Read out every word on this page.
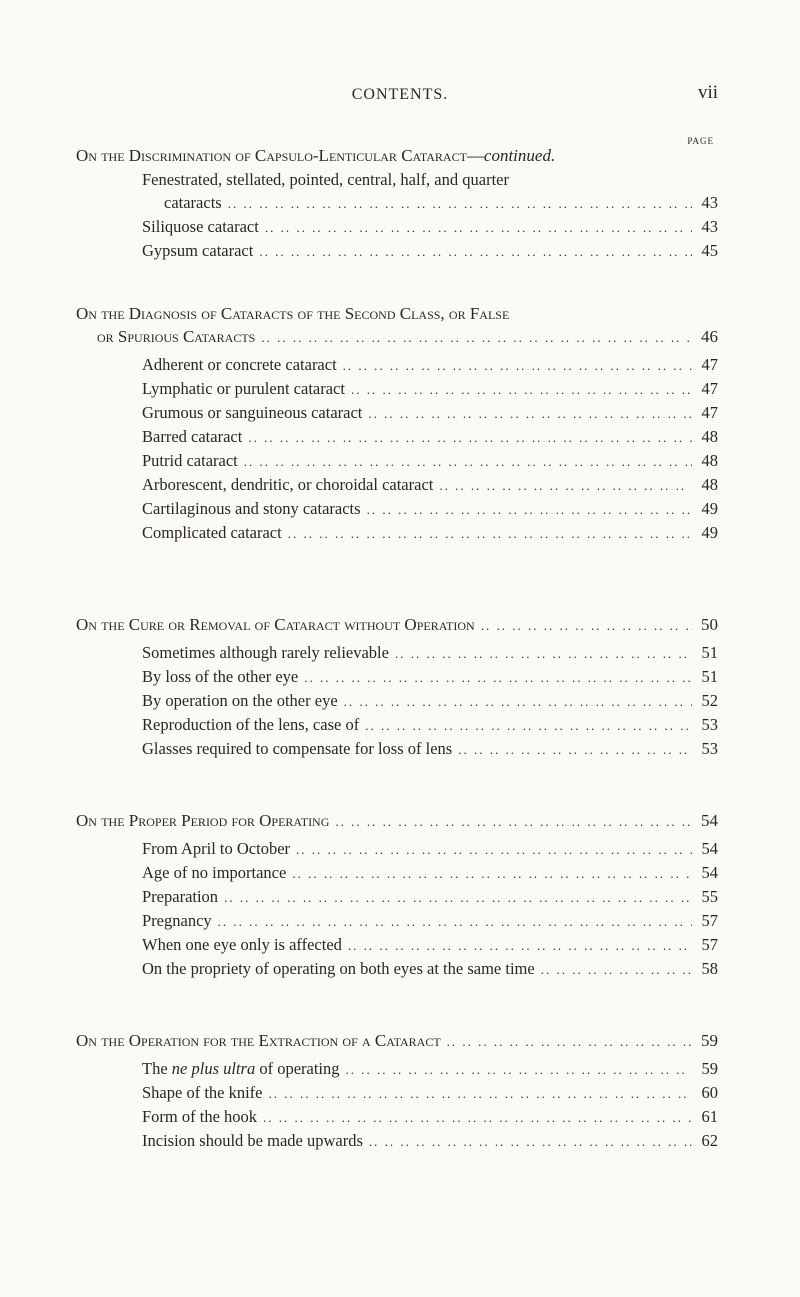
CONTENTS.	vii
PAGE
On the Discrimination of Capsulo-Lenticular Cataract—continued.
Fenestrated, stellated, pointed, central, half, and quarter
cataracts .. ..	43
Siliquose cataract .. ..	43
Gypsum cataract .. ..	45
On the Diagnosis of Cataracts of the Second Class, or False
or Spurious Cataracts .. ..	46
Adherent or concrete cataract .. ..	47
Lymphatic or purulent cataract .. ..	47
Grumous or sanguineous cataract .. ..	47
Barred cataract .. ..	48
Putrid cataract .. ..	48
Arborescent, dendritic, or choroidal cataract .. ..	48
Cartilaginous and stony cataracts .. ..	49
Complicated cataract .. ..	49
On the Cure or Removal of Cataract without Operation .. ..	50
Sometimes although rarely relievable .. ..	51
By loss of the other eye .. ..	51
By operation on the other eye .. ..	52
Reproduction of the lens, case of .. ..	53
Glasses required to compensate for loss of lens .. ..	53
On the Proper Period for Operating .. ..	54
From April to October .. ..	54
Age of no importance .. ..	54
Preparation .. ..	55
Pregnancy .. ..	57
When one eye only is affected .. ..	57
On the propriety of operating on both eyes at the same time .. ..	58
On the Operation for the Extraction of a Cataract .. ..	59
The ne plus ultra of operating .. ..	59
Shape of the knife .. ..	60
Form of the hook .. ..	61
Incision should be made upwards .. ..	62
